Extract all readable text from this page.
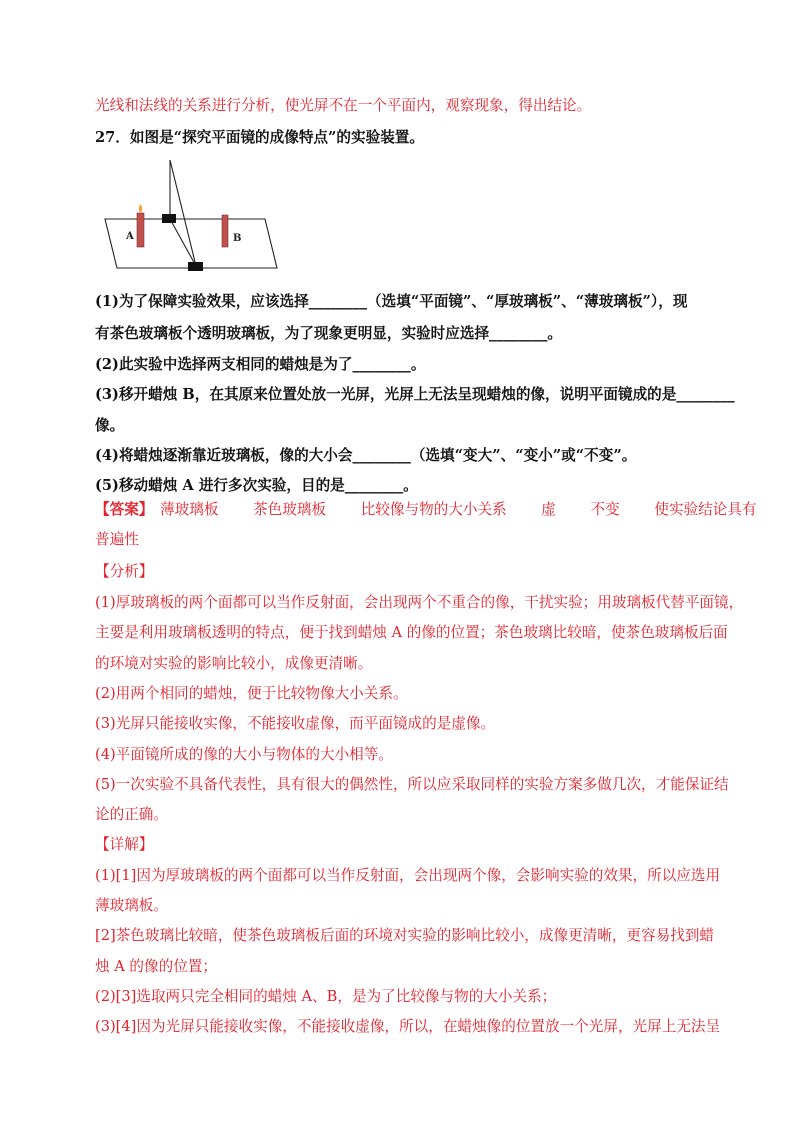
光线和法线的关系进行分析，使光屏不在一个平面内，观察现象，得出结论。
27．如图是“探究平面镜的成像特点”的实验装置。
A	B
(1)为了保障实验效果，应该选择________（选填“平面镜”、“厚玻璃板”、“薄玻璃板”），现
有茶色玻璃板个透明玻璃板，为了现象更明显，实验时应选择________。
(2)此实验中选择两支相同的蜡烛是为了________。
(3)移开蜡烛 B，在其原来位置处放一光屏，光屏上无法呈现蜡烛的像，说明平面镜成的是________
像。
(4)将蜡烛逐渐靠近玻璃板，像的大小会________（选填“变大”、“变小”或“不变”。
(5)移动蜡烛 A 进行多次实验，目的是________。
【答案】 薄玻璃板 茶色玻璃板 比较像与物的大小关系 虚 不变 使实验结论具有
普遍性
【分析】
(1)厚玻璃板的两个面都可以当作反射面，会出现两个不重合的像，干扰实验；用玻璃板代替平面镜，
主要是利用玻璃板透明的特点，便于找到蜡烛 A 的像的位置；茶色玻璃比较暗，使茶色玻璃板后面
的环境对实验的影响比较小，成像更清晰。
(2)用两个相同的蜡烛，便于比较物像大小关系。
(3)光屏只能接收实像，不能接收虚像，而平面镜成的是虚像。
(4)平面镜所成的像的大小与物体的大小相等。
(5)一次实验不具备代表性，具有很大的偶然性，所以应采取同样的实验方案多做几次，才能保证结
论的正确。
【详解】
(1)[1]因为厚玻璃板的两个面都可以当作反射面，会出现两个像，会影响实验的效果，所以应选用
薄玻璃板。
[2]茶色玻璃比较暗，使茶色玻璃板后面的环境对实验的影响比较小，成像更清晰，更容易找到蜡
烛 A 的像的位置；
(2)[3]选取两只完全相同的蜡烛 A、B，是为了比较像与物的大小关系；
(3)[4]因为光屏只能接收实像，不能接收虚像，所以，在蜡烛像的位置放一个光屏，光屏上无法呈
